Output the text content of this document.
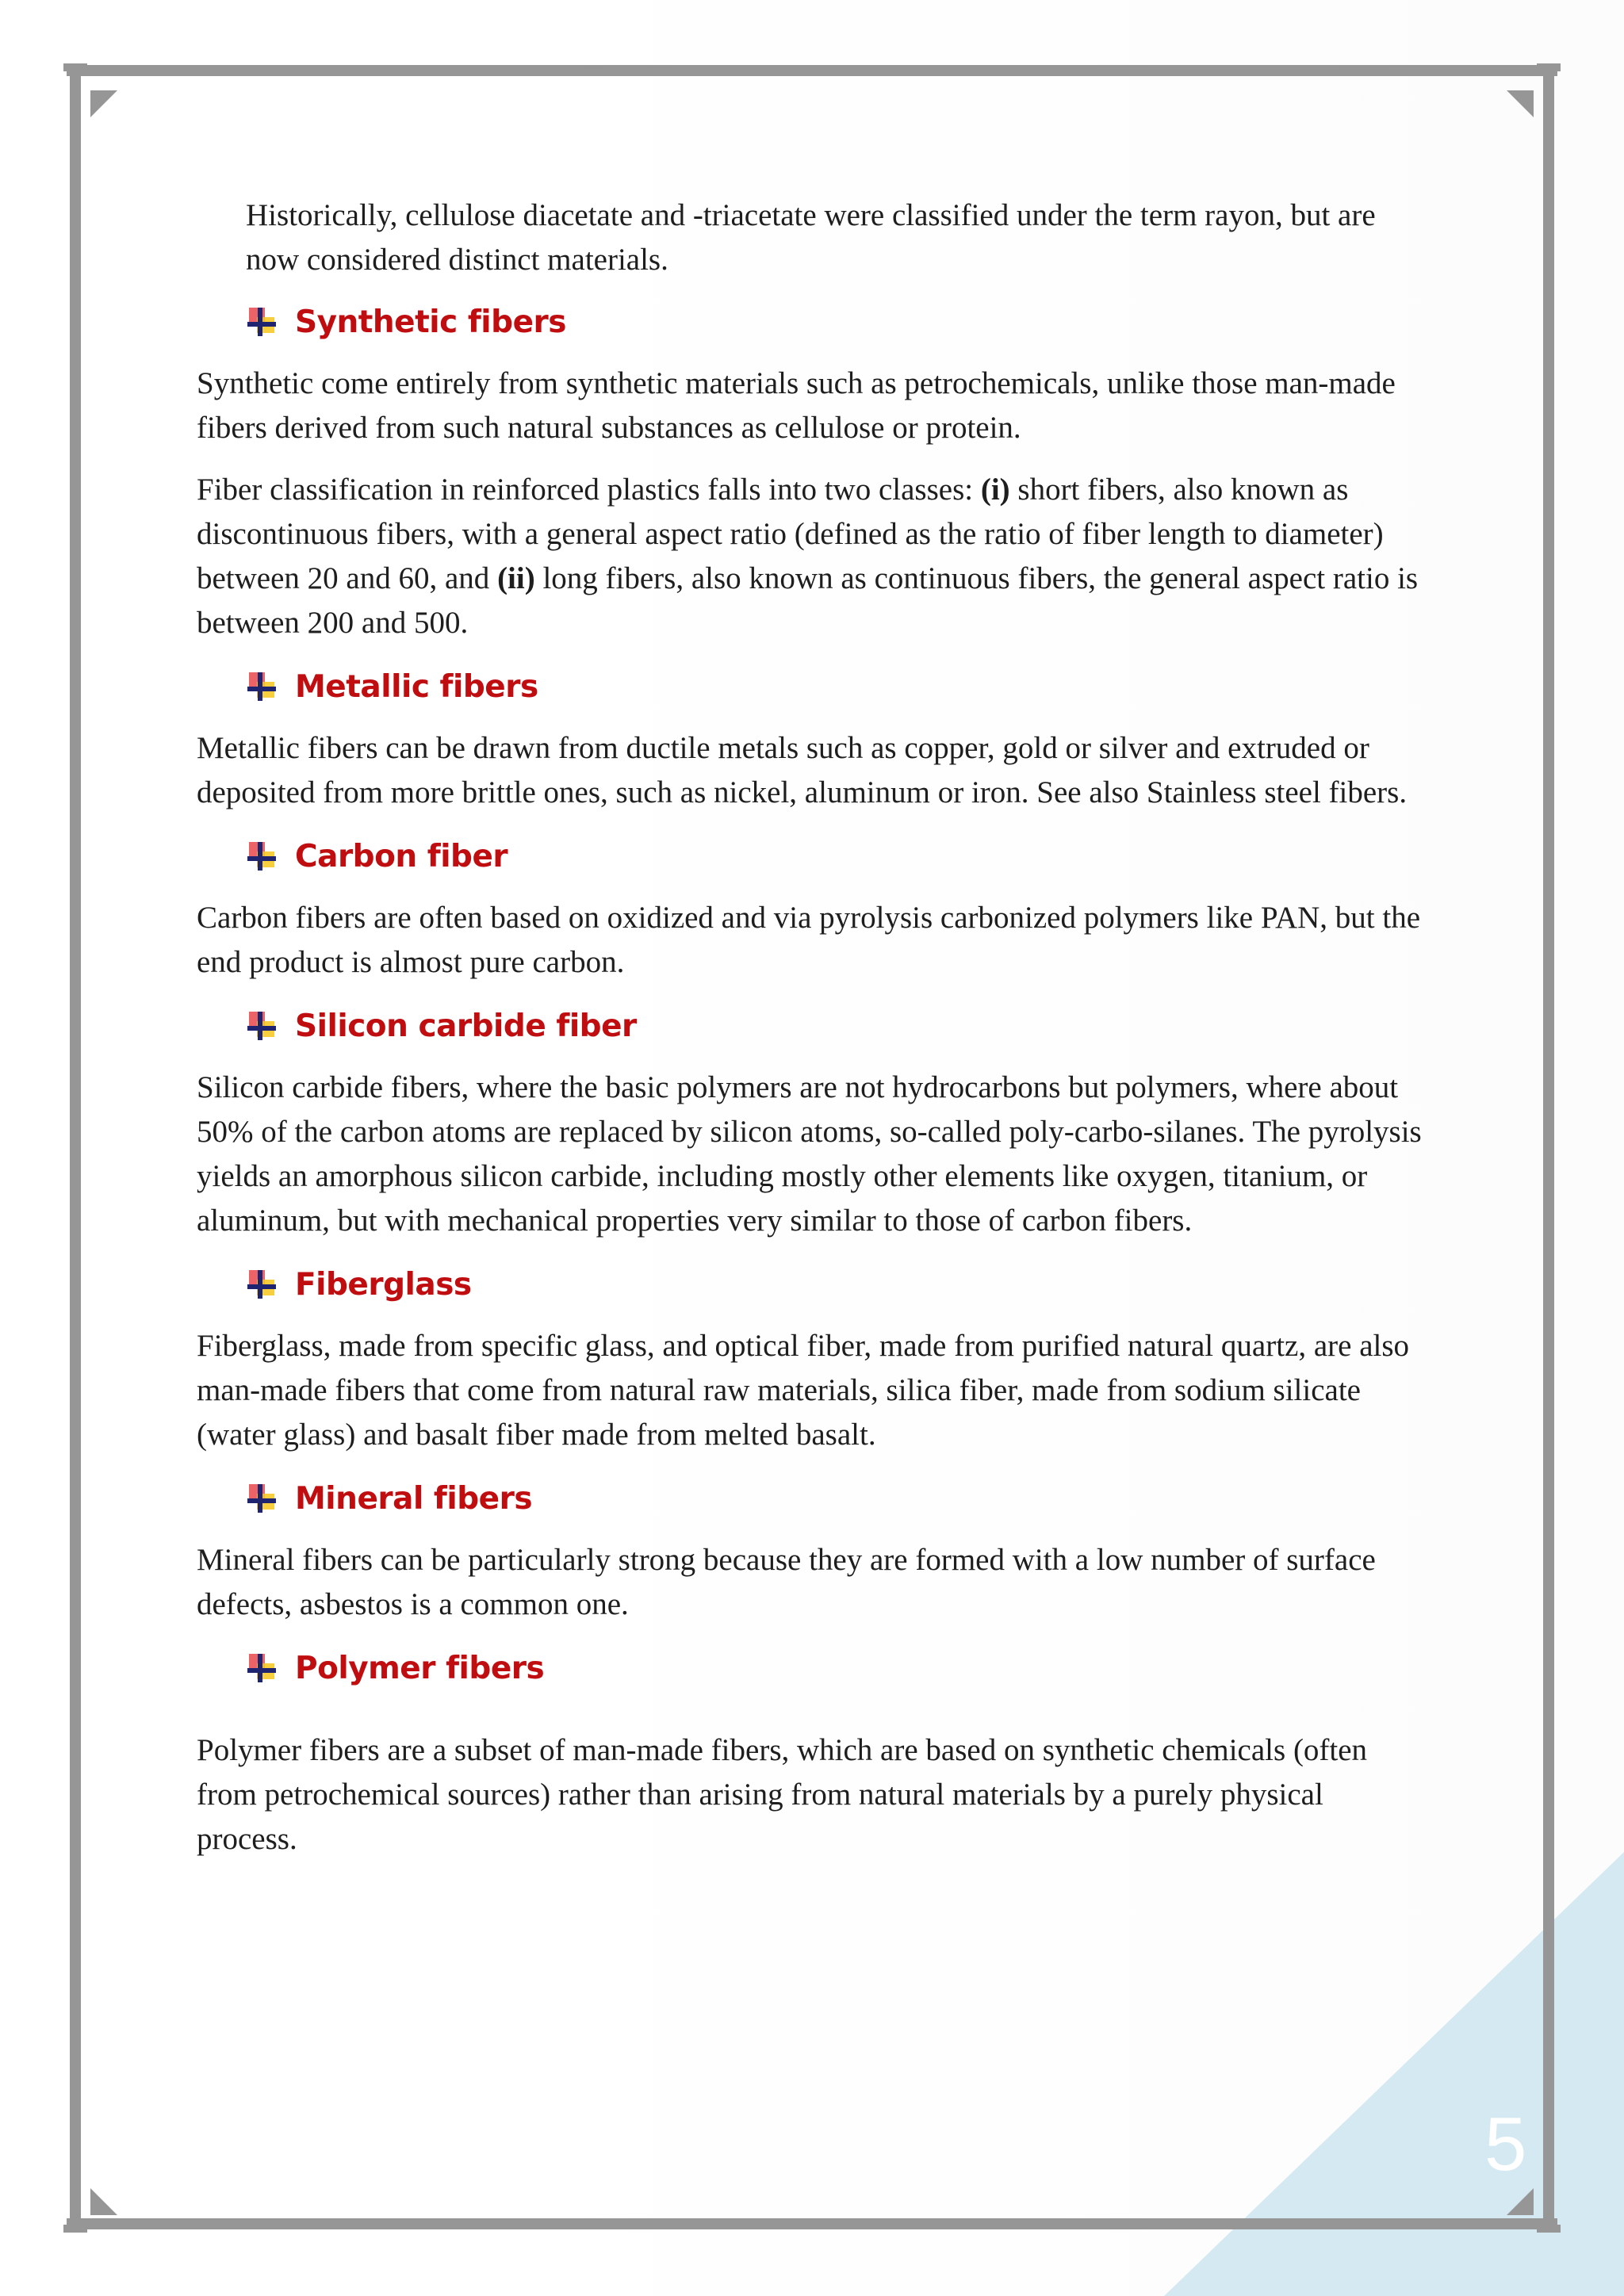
Historically, cellulose diacetate and -triacetate were classified under the term rayon, but are now considered distinct materials.

Synthetic fibers

Synthetic come entirely from synthetic materials such as petrochemicals, unlike those man-made fibers derived from such natural substances as cellulose or protein.

Fiber classification in reinforced plastics falls into two classes: (i) short fibers, also known as discontinuous fibers, with a general aspect ratio (defined as the ratio of fiber length to diameter) between 20 and 60, and (ii) long fibers, also known as continuous fibers, the general aspect ratio is between 200 and 500.

Metallic fibers

Metallic fibers can be drawn from ductile metals such as copper, gold or silver and extruded or deposited from more brittle ones, such as nickel, aluminum or iron. See also Stainless steel fibers.

Carbon fiber

Carbon fibers are often based on oxidized and via pyrolysis carbonized polymers like PAN, but the end product is almost pure carbon.

Silicon carbide fiber

Silicon carbide fibers, where the basic polymers are not hydrocarbons but polymers, where about 50% of the carbon atoms are replaced by silicon atoms, so-called poly-carbo-silanes. The pyrolysis yields an amorphous silicon carbide, including mostly other elements like oxygen, titanium, or aluminum, but with mechanical properties very similar to those of carbon fibers.

Fiberglass

Fiberglass, made from specific glass, and optical fiber, made from purified natural quartz, are also man-made fibers that come from natural raw materials, silica fiber, made from sodium silicate (water glass) and basalt fiber made from melted basalt.

Mineral fibers

Mineral fibers can be particularly strong because they are formed with a low number of surface defects, asbestos is a common one.

Polymer fibers

Polymer fibers are a subset of man-made fibers, which are based on synthetic chemicals (often from petrochemical sources) rather than arising from natural materials by a purely physical process.

5
